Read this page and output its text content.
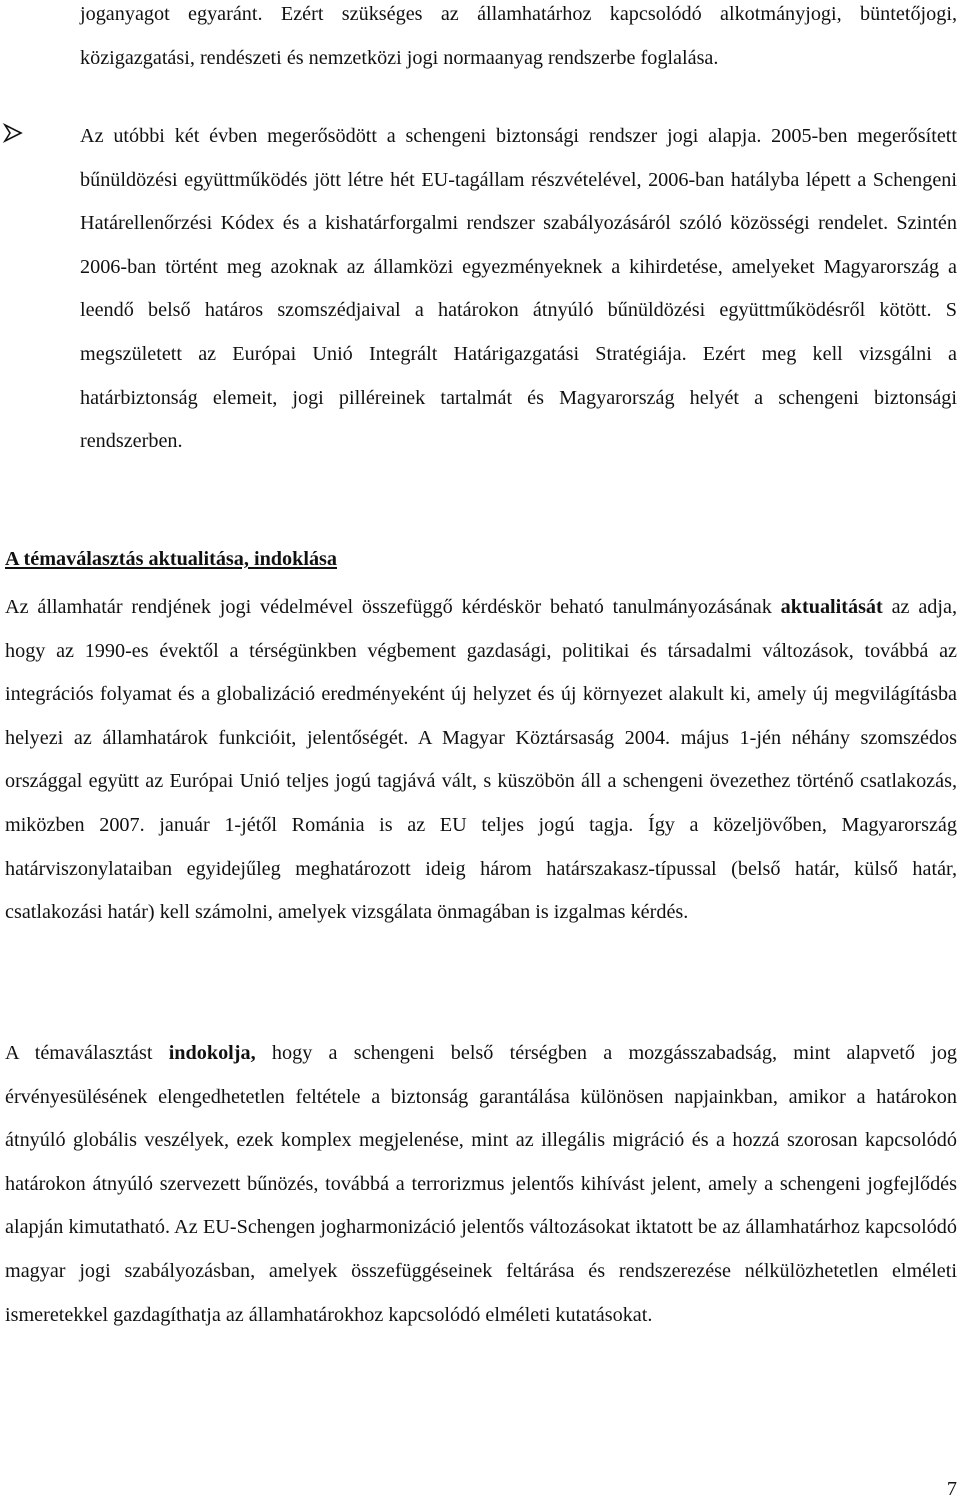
joganyagot egyaránt. Ezért szükséges az államhatárhoz kapcsolódó alkotmányjogi, büntetőjogi, közigazgatási, rendészeti és nemzetközi jogi normaanyag rendszerbe foglalása.
Az utóbbi két évben megerősödött a schengeni biztonsági rendszer jogi alapja. 2005-ben megerősített bűnüldözési együttműködés jött létre hét EU-tagállam részvételével, 2006-ban hatályba lépett a Schengeni Határellenőrzési Kódex és a kishatárforgalmi rendszer szabályozásáról szóló közösségi rendelet. Szintén 2006-ban történt meg azoknak az államközi egyezményeknek a kihirdetése, amelyeket Magyarország a leendő belső határos szomszédjaival a határokon átnyúló bűnüldözési együttműködésről kötött. S megszületett az Európai Unió Integrált Határigazgatási Stratégiája. Ezért meg kell vizsgálni a határbiztonság elemeit, jogi pilléreinek tartalmát és Magyarország helyét a schengeni biztonsági rendszerben.
A témaválasztás aktualitása, indoklása
Az államhatár rendjének jogi védelmével összefüggő kérdéskör beható tanulmányozásának aktualitását az adja, hogy az 1990-es évektől a térségünkben végbement gazdasági, politikai és társadalmi változások, továbbá az integrációs folyamat és a globalizáció eredményeként új helyzet és új környezet alakult ki, amely új megvilágításba helyezi az államhatárok funkcióit, jelentőségét. A Magyar Köztársaság 2004. május 1-jén néhány szomszédos országgal együtt az Európai Unió teljes jogú tagjává vált, s küszöbön áll a schengeni övezethez történő csatlakozás, miközben 2007. január 1-jétől Románia is az EU teljes jogú tagja. Így a közeljövőben, Magyarország határviszonylataiban egyidejűleg meghatározott ideig három határszakasz-típussal (belső határ, külső határ, csatlakozási határ) kell számolni, amelyek vizsgálata önmagában is izgalmas kérdés.
A témaválasztást indokolja, hogy a schengeni belső térségben a mozgásszabadság, mint alapvető jog érvényesülésének elengedhetetlen feltétele a biztonság garantálása különösen napjainkban, amikor a határokon átnyúló globális veszélyek, ezek komplex megjelenése, mint az illegális migráció és a hozzá szorosan kapcsolódó határokon átnyúló szervezett bűnözés, továbbá a terrorizmus jelentős kihívást jelent, amely a schengeni jogfejlődés alapján kimutatható. Az EU-Schengen jogharmonizáció jelentős változásokat iktatott be az államhatárhoz kapcsolódó magyar jogi szabályozásban, amelyek összefüggéseinek feltárása és rendszerezése nélkülözhetetlen elméleti ismeretekkel gazdagíthatja az államhatárokhoz kapcsolódó elméleti kutatásokat.
7
